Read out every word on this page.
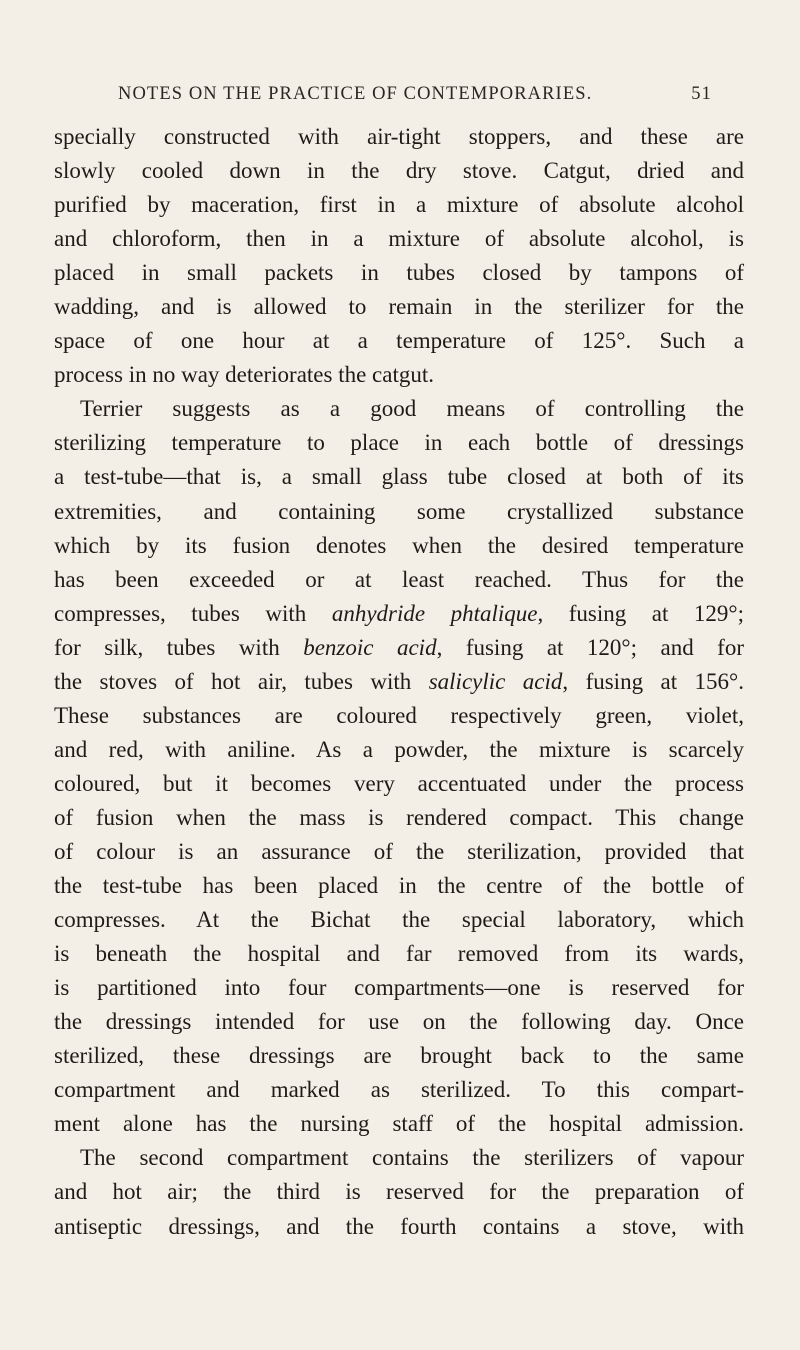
NOTES ON THE PRACTICE OF CONTEMPORARIES.	51
specially constructed with air-tight stoppers, and these are
slowly cooled down in the dry stove. Catgut, dried and
purified by maceration, first in a mixture of absolute alcohol
and chloroform, then in a mixture of absolute alcohol, is
placed in small packets in tubes closed by tampons of
wadding, and is allowed to remain in the sterilizer for the
space of one hour at a temperature of 125°. Such a
process in no way deteriorates the catgut.
Terrier suggests as a good means of controlling the
sterilizing temperature to place in each bottle of dressings
a test-tube—that is, a small glass tube closed at both of its
extremities, and containing some crystallized substance
which by its fusion denotes when the desired temperature
has been exceeded or at least reached. Thus for the
compresses, tubes with anhydride phtalique, fusing at 129°;
for silk, tubes with benzoic acid, fusing at 120°; and for
the stoves of hot air, tubes with salicylic acid, fusing at 156°.
These substances are coloured respectively green, violet,
and red, with aniline. As a powder, the mixture is scarcely
coloured, but it becomes very accentuated under the process
of fusion when the mass is rendered compact. This change
of colour is an assurance of the sterilization, provided that
the test-tube has been placed in the centre of the bottle of
compresses. At the Bichat the special laboratory, which
is beneath the hospital and far removed from its wards,
is partitioned into four compartments—one is reserved for
the dressings intended for use on the following day. Once
sterilized, these dressings are brought back to the same
compartment and marked as sterilized. To this compart-
ment alone has the nursing staff of the hospital admission.
The second compartment contains the sterilizers of vapour
and hot air; the third is reserved for the preparation of
antiseptic dressings, and the fourth contains a stove, with
